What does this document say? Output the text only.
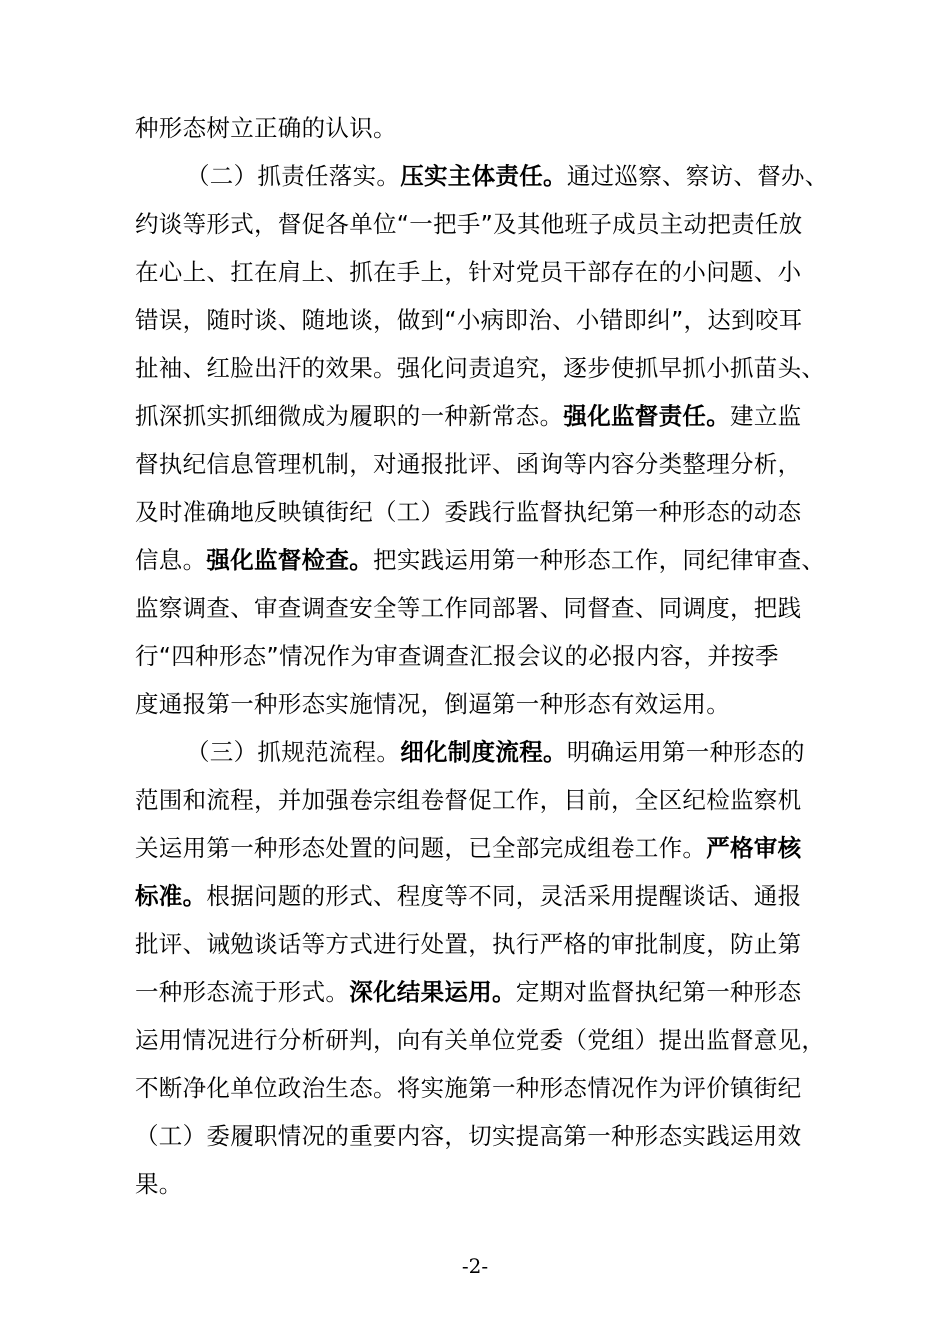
种形态树立正确的认识。
（二）抓责任落实。压实主体责任。通过巡察、察访、督办、
约谈等形式，督促各单位“一把手”及其他班子成员主动把责任放
在心上、扛在肩上、抓在手上，针对党员干部存在的小问题、小
错误，随时谈、随地谈，做到“小病即治、小错即纠”，达到咬耳
扯袖、红脸出汗的效果。强化问责追究，逐步使抓早抓小抓苗头、
抓深抓实抓细微成为履职的一种新常态。强化监督责任。建立监
督执纪信息管理机制，对通报批评、函询等内容分类整理分析，
及时准确地反映镇街纪（工）委践行监督执纪第一种形态的动态
信息。强化监督检查。把实践运用第一种形态工作，同纪律审查、
监察调查、审查调查安全等工作同部署、同督查、同调度，把践
行“四种形态”情况作为审查调查汇报会议的必报内容，并按季
度通报第一种形态实施情况，倒逼第一种形态有效运用。
（三）抓规范流程。细化制度流程。明确运用第一种形态的
范围和流程，并加强卷宗组卷督促工作，目前，全区纪检监察机
关运用第一种形态处置的问题，已全部完成组卷工作。严格审核
标准。根据问题的形式、程度等不同，灵活采用提醒谈话、通报
批评、诫勉谈话等方式进行处置，执行严格的审批制度，防止第
一种形态流于形式。深化结果运用。定期对监督执纪第一种形态
运用情况进行分析研判，向有关单位党委（党组）提出监督意见，
不断净化单位政治生态。将实施第一种形态情况作为评价镇街纪
（工）委履职情况的重要内容，切实提高第一种形态实践运用效
果。
-2-
